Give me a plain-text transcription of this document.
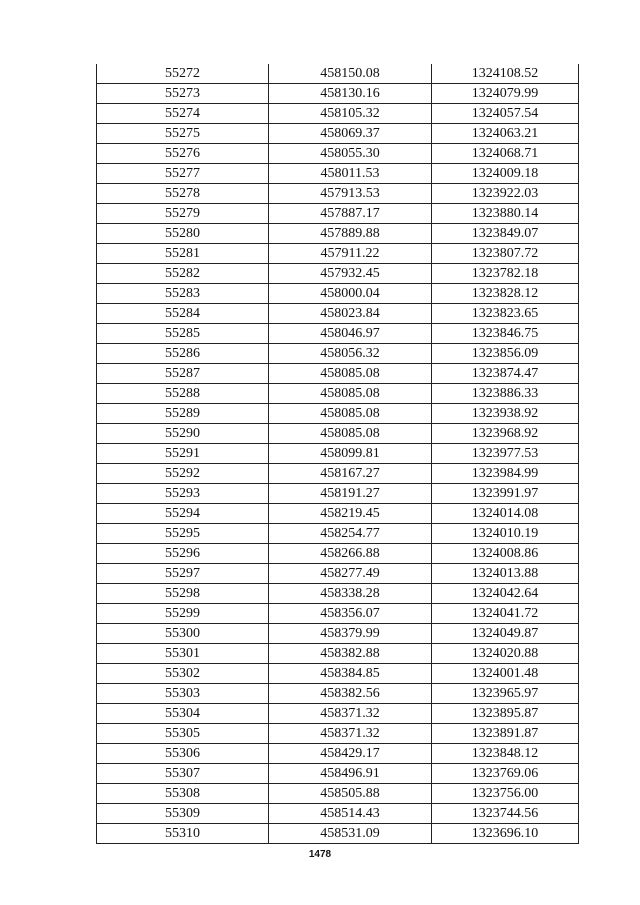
55272	458150.08	1324108.52
55273	458130.16	1324079.99
55274	458105.32	1324057.54
55275	458069.37	1324063.21
55276	458055.30	1324068.71
55277	458011.53	1324009.18
55278	457913.53	1323922.03
55279	457887.17	1323880.14
55280	457889.88	1323849.07
55281	457911.22	1323807.72
55282	457932.45	1323782.18
55283	458000.04	1323828.12
55284	458023.84	1323823.65
55285	458046.97	1323846.75
55286	458056.32	1323856.09
55287	458085.08	1323874.47
55288	458085.08	1323886.33
55289	458085.08	1323938.92
55290	458085.08	1323968.92
55291	458099.81	1323977.53
55292	458167.27	1323984.99
55293	458191.27	1323991.97
55294	458219.45	1324014.08
55295	458254.77	1324010.19
55296	458266.88	1324008.86
55297	458277.49	1324013.88
55298	458338.28	1324042.64
55299	458356.07	1324041.72
55300	458379.99	1324049.87
55301	458382.88	1324020.88
55302	458384.85	1324001.48
55303	458382.56	1323965.97
55304	458371.32	1323895.87
55305	458371.32	1323891.87
55306	458429.17	1323848.12
55307	458496.91	1323769.06
55308	458505.88	1323756.00
55309	458514.43	1323744.56
55310	458531.09	1323696.10
1478
